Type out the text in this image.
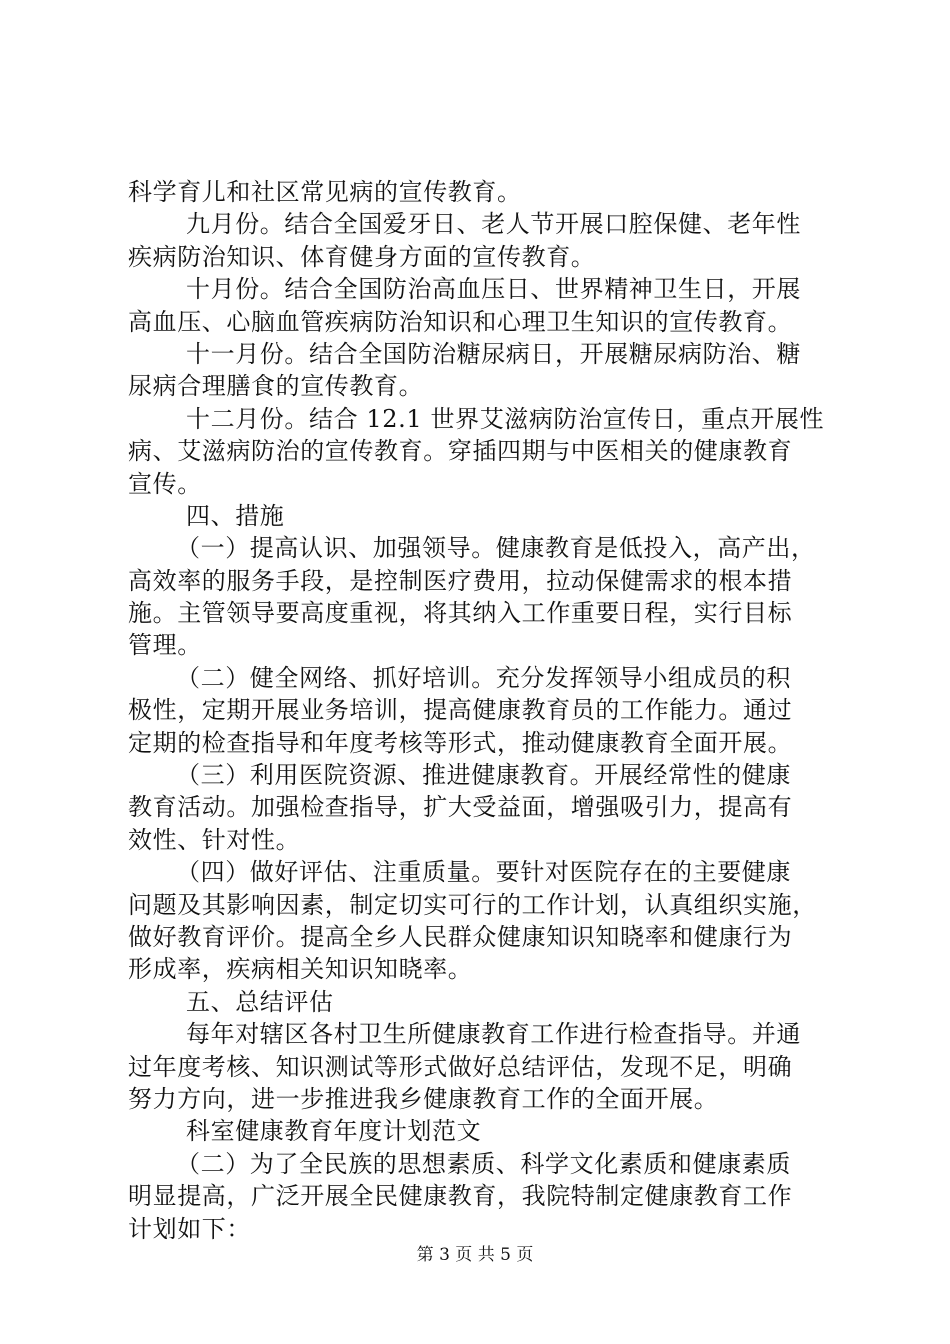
科学育儿和社区常见病的宣传教育。
九月份。结合全国爱牙日、老人节开展口腔保健、老年性
疾病防治知识、体育健身方面的宣传教育。
十月份。结合全国防治高血压日、世界精神卫生日，开展
高血压、心脑血管疾病防治知识和心理卫生知识的宣传教育。
十一月份。结合全国防治糖尿病日，开展糖尿病防治、糖
尿病合理膳食的宣传教育。
十二月份。结合 12.1 世界艾滋病防治宣传日，重点开展性
病、艾滋病防治的宣传教育。穿插四期与中医相关的健康教育
宣传。
四、措施
（一）提高认识、加强领导。健康教育是低投入，高产出，
高效率的服务手段，是控制医疗费用，拉动保健需求的根本措
施。主管领导要高度重视，将其纳入工作重要日程，实行目标
管理。
（二）健全网络、抓好培训。充分发挥领导小组成员的积
极性，定期开展业务培训，提高健康教育员的工作能力。通过
定期的检查指导和年度考核等形式，推动健康教育全面开展。
（三）利用医院资源、推进健康教育。开展经常性的健康
教育活动。加强检查指导，扩大受益面，增强吸引力，提高有
效性、针对性。
（四）做好评估、注重质量。要针对医院存在的主要健康
问题及其影响因素，制定切实可行的工作计划，认真组织实施，
做好教育评价。提高全乡人民群众健康知识知晓率和健康行为
形成率，疾病相关知识知晓率。
五、总结评估
每年对辖区各村卫生所健康教育工作进行检查指导。并通
过年度考核、知识测试等形式做好总结评估，发现不足，明确
努力方向，进一步推进我乡健康教育工作的全面开展。
科室健康教育年度计划范文
（二）为了全民族的思想素质、科学文化素质和健康素质
明显提高，广泛开展全民健康教育，我院特制定健康教育工作
计划如下：
第 3 页 共 5 页
